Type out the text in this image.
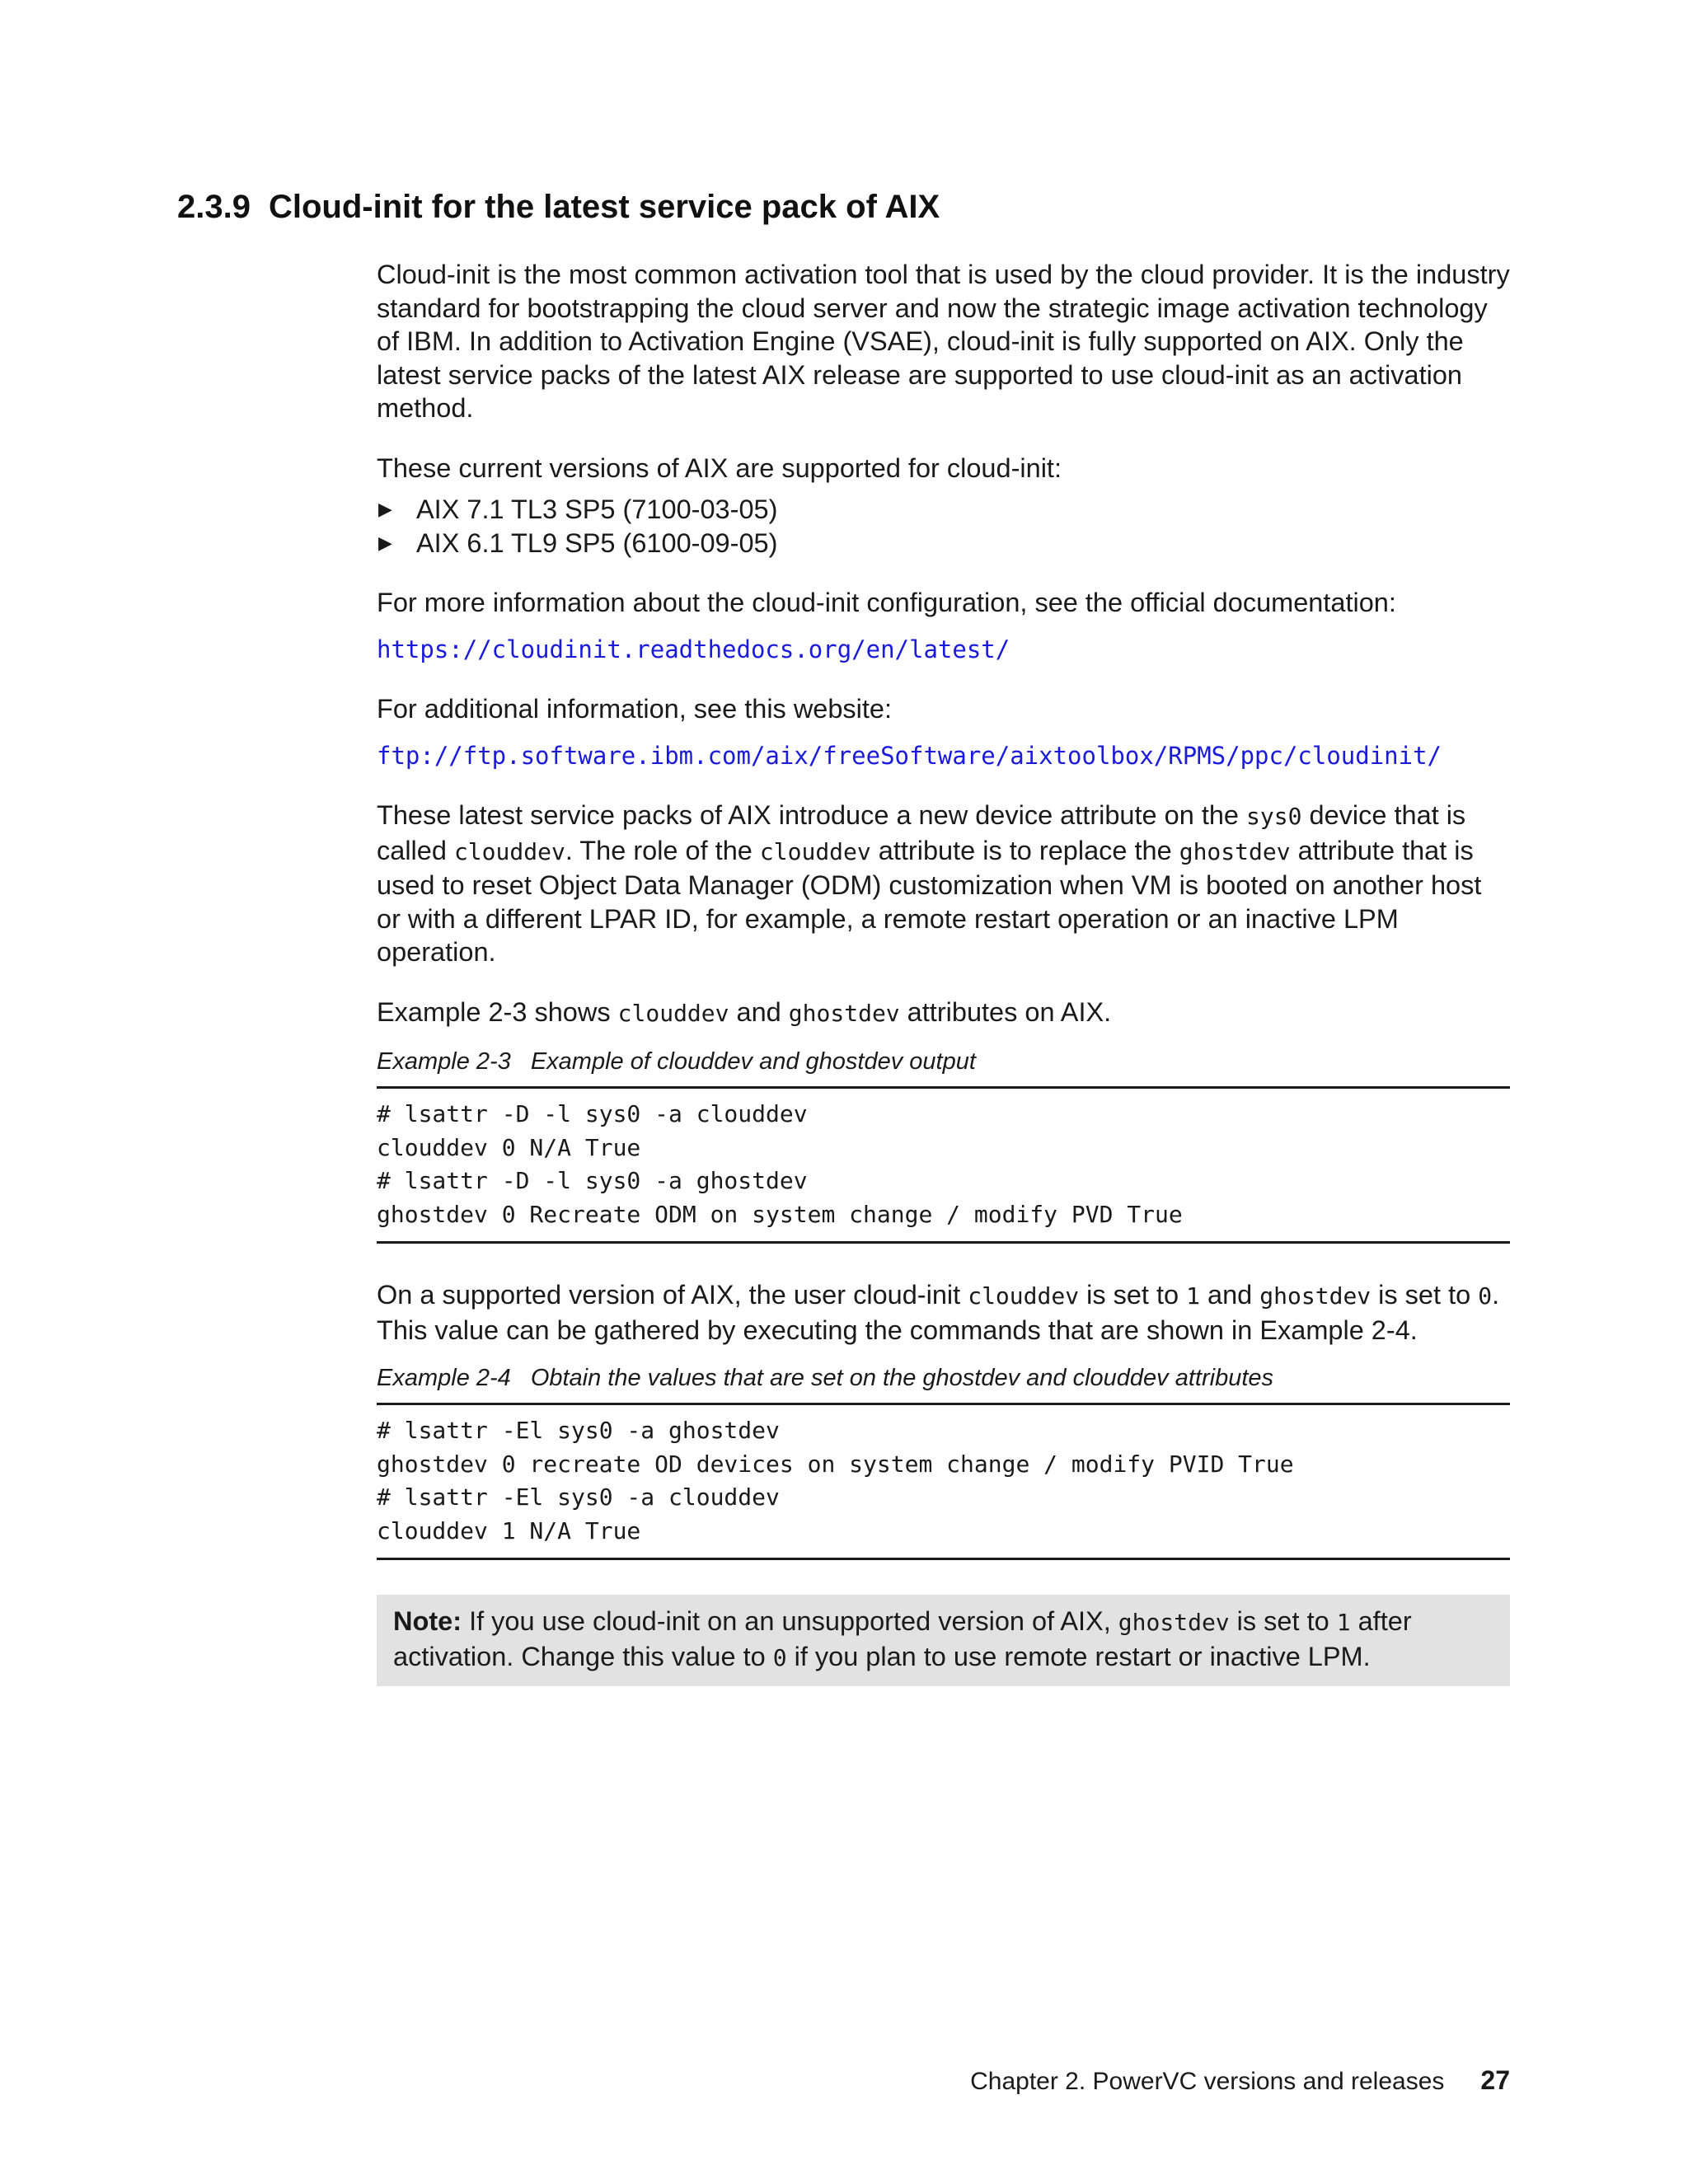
2.3.9 Cloud-init for the latest service pack of AIX

Cloud-init is the most common activation tool that is used by the cloud provider. It is the industry standard for bootstrapping the cloud server and now the strategic image activation technology of IBM. In addition to Activation Engine (VSAE), cloud-init is fully supported on AIX. Only the latest service packs of the latest AIX release are supported to use cloud-init as an activation method.

These current versions of AIX are supported for cloud-init:

▶ AIX 7.1 TL3 SP5 (7100-03-05)
▶ AIX 6.1 TL9 SP5 (6100-09-05)

For more information about the cloud-init configuration, see the official documentation:

https://cloudinit.readthedocs.org/en/latest/

For additional information, see this website:

ftp://ftp.software.ibm.com/aix/freeSoftware/aixtoolbox/RPMS/ppc/cloudinit/

These latest service packs of AIX introduce a new device attribute on the sys0 device that is called clouddev. The role of the clouddev attribute is to replace the ghostdev attribute that is used to reset Object Data Manager (ODM) customization when VM is booted on another host or with a different LPAR ID, for example, a remote restart operation or an inactive LPM operation.

Example 2-3 shows clouddev and ghostdev attributes on AIX.

Example 2-3 Example of clouddev and ghostdev output
# lsattr -D -l sys0 -a clouddev
clouddev 0 N/A True
# lsattr -D -l sys0 -a ghostdev
ghostdev 0 Recreate ODM on system change / modify PVD True

On a supported version of AIX, the user cloud-init clouddev is set to 1 and ghostdev is set to 0. This value can be gathered by executing the commands that are shown in Example 2-4.

Example 2-4 Obtain the values that are set on the ghostdev and clouddev attributes
# lsattr -El sys0 -a ghostdev
ghostdev 0 recreate OD devices on system change / modify PVID True
# lsattr -El sys0 -a clouddev
clouddev 1 N/A True
Note: If you use cloud-init on an unsupported version of AIX, ghostdev is set to 1 after activation. Change this value to 0 if you plan to use remote restart or inactive LPM.
Chapter 2. PowerVC versions and releases 27
